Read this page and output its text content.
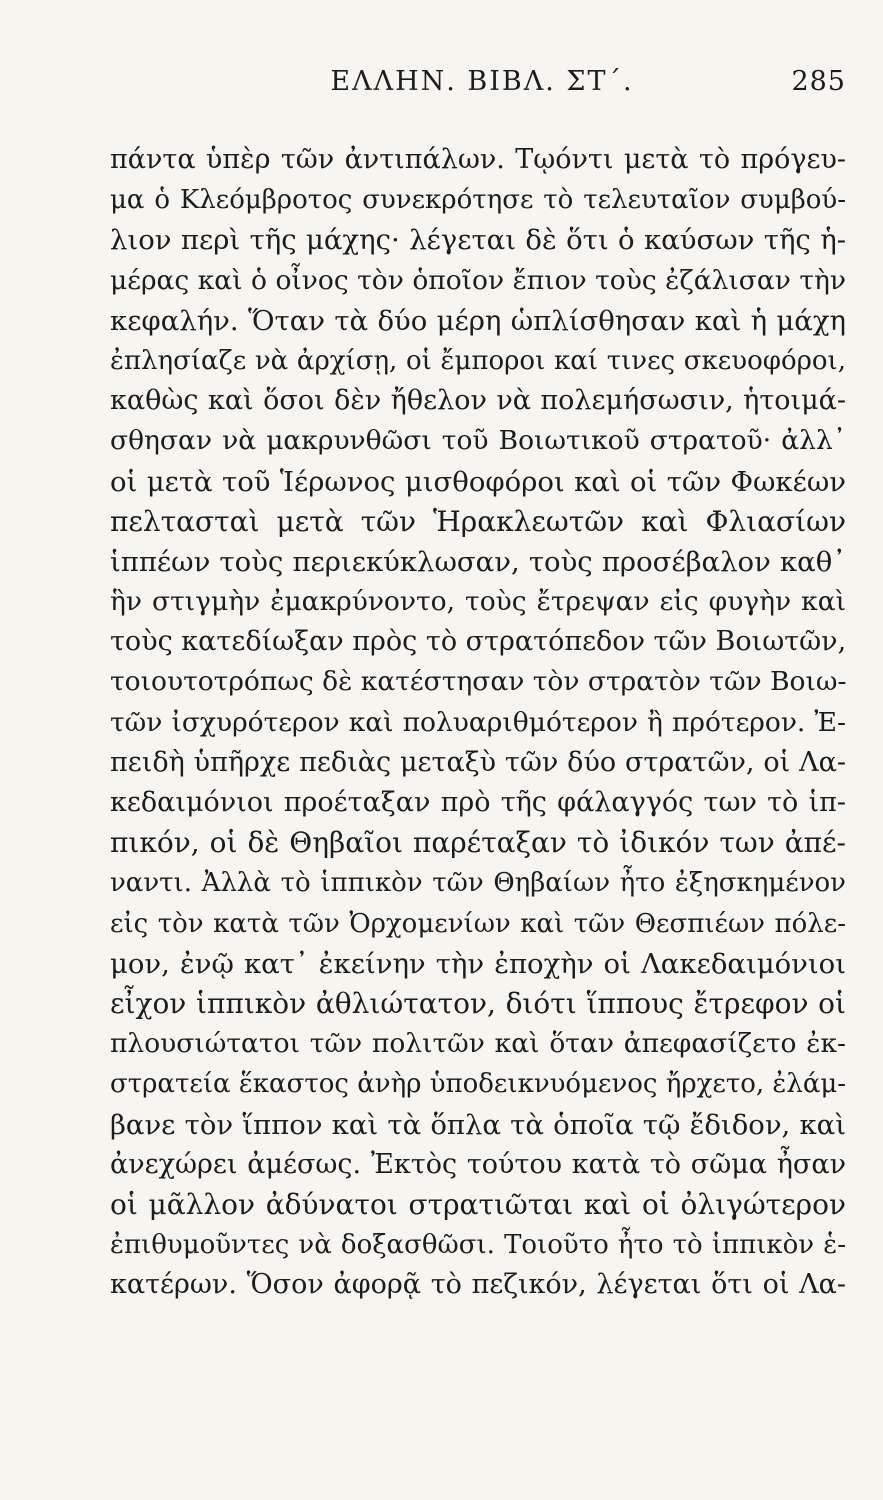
ΕΛΛΗΝ. ΒΙΒΛ. ΣΤ΄.	285
πάντα ὑπὲρ τῶν ἀντιπάλων. Τῳόντι μετὰ τὸ πρόγευ-
μα ὁ Κλεόμβροτος συνεκρότησε τὸ τελευταῖον συμβού-
λιον περὶ τῆς μάχης· λέγεται δὲ ὅτι ὁ καύσων τῆς ἡ-
μέρας καὶ ὁ οἶνος τὸν ὁποῖον ἔπιον τοὺς ἐζάλισαν τὴν
κεφαλήν. Ὅταν τὰ δύο μέρη ὡπλίσθησαν καὶ ἡ μάχη
ἐπλησίαζε νὰ ἀρχίσῃ, οἱ ἔμποροι καί τινες σκευοφόροι,
καθὼς καὶ ὅσοι δὲν ἤθελον νὰ πολεμήσωσιν, ἡτοιμά-
σθησαν νὰ μακρυνθῶσι τοῦ Βοιωτικοῦ στρατοῦ· ἀλλ᾽
οἱ μετὰ τοῦ Ἱέρωνος μισθοφόροι καὶ οἱ τῶν Φωκέων
πελτασταὶ μετὰ τῶν Ἡρακλεωτῶν καὶ Φλιασίων
ἱππέων τοὺς περιεκύκλωσαν, τοὺς προσέβαλον καθ᾽
ἣν στιγμὴν ἐμακρύνοντο, τοὺς ἔτρεψαν εἰς φυγὴν καὶ
τοὺς κατεδίωξαν πρὸς τὸ στρατόπεδον τῶν Βοιωτῶν,
τοιουτοτρόπως δὲ κατέστησαν τὸν στρατὸν τῶν Βοιω-
τῶν ἰσχυρότερον καὶ πολυαριθμότερον ἢ πρότερον. Ἐ-
πειδὴ ὑπῆρχε πεδιὰς μεταξὺ τῶν δύο στρατῶν, οἱ Λα-
κεδαιμόνιοι προέταξαν πρὸ τῆς φάλαγγός των τὸ ἱπ-
πικόν, οἱ δὲ Θηβαῖοι παρέταξαν τὸ ἰδικόν των ἀπέ-
ναντι. Ἀλλὰ τὸ ἱππικὸν τῶν Θηβαίων ἦτο ἐξησκημένον
εἰς τὸν κατὰ τῶν Ὀρχομενίων καὶ τῶν Θεσπιέων πόλε-
μον, ἐνῷ κατ᾽ ἐκείνην τὴν ἐποχὴν οἱ Λακεδαιμόνιοι
εἶχον ἱππικὸν ἀθλιώτατον, διότι ἵππους ἔτρεφον οἱ
πλουσιώτατοι τῶν πολιτῶν καὶ ὅταν ἀπεφασίζετο ἐκ-
στρατεία ἕκαστος ἀνὴρ ὑποδεικνυόμενος ἤρχετο, ἐλάμ-
βανε τὸν ἵππον καὶ τὰ ὅπλα τὰ ὁποῖα τῷ ἔδιδον, καὶ
ἀνεχώρει ἀμέσως. Ἐκτὸς τούτου κατὰ τὸ σῶμα ἦσαν
οἱ μᾶλλον ἀδύνατοι στρατιῶται καὶ οἱ ὀλιγώτερον
ἐπιθυμοῦντες νὰ δοξασθῶσι. Τοιοῦτο ἦτο τὸ ἱππικὸν ἑ-
κατέρων. Ὅσον ἀφορᾷ τὸ πεζικόν, λέγεται ὅτι οἱ Λα-
